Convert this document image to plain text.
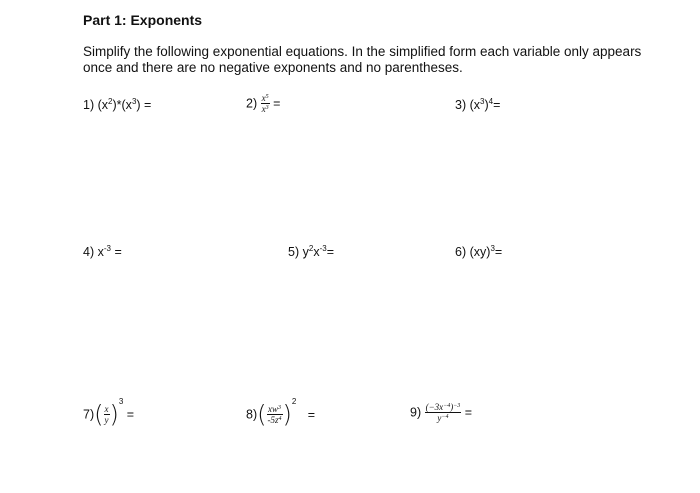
Part 1: Exponents
Simplify the following exponential equations. In the simplified form each variable only appears once and there are no negative exponents and no parentheses.
1) $(x^2)*(x^3)$ =	$2) \frac{x^5}{x^3}$ =	3) $(x^3)^4=$
4) $x^{-3}$ =	5) $y^2x^{-3}=$	6) (xy)$^3$=
$7)( \frac{x}{y} )^3$ =	$8)( \frac{xw^3}{-5z^4} )^2$ =	$9) \frac{(-3x^{-4})^{-3}}{y^{-4}}$ =
